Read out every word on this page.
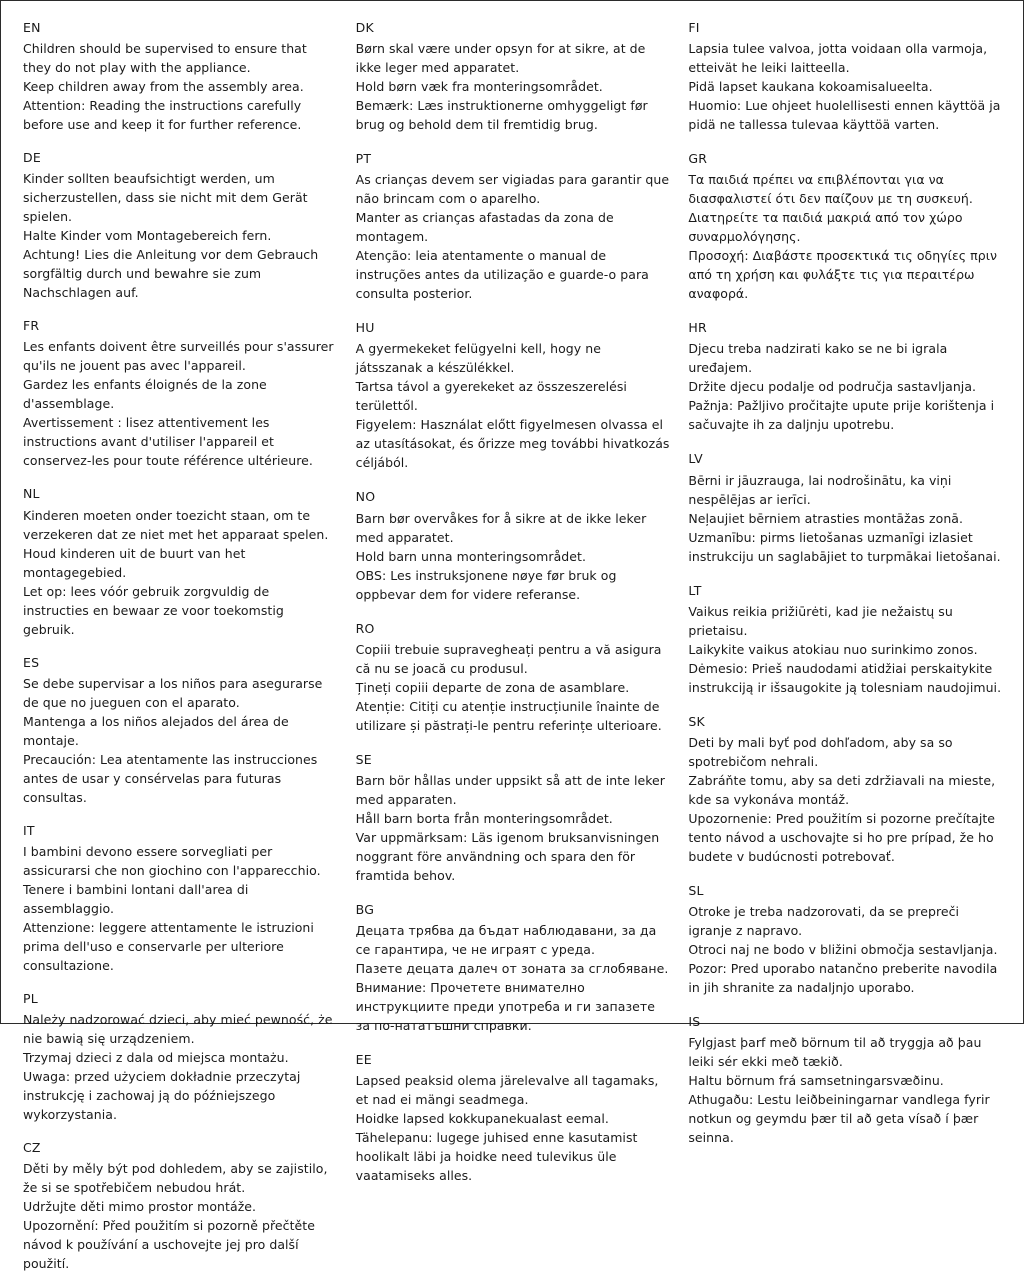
EN

Children should be supervised to ensure that they do not play with the appliance.

Keep children away from the assembly area.

Attention: Reading the instructions carefully before use and keep it for further reference.

DE

Kinder sollten beaufsichtigt werden, um sicherzustellen, dass sie nicht mit dem Gerät spielen.

Halte Kinder vom Montagebereich fern.

Achtung! Lies die Anleitung vor dem Gebrauch sorgfältig durch und bewahre sie zum Nachschlagen auf.

FR

Les enfants doivent être surveillés pour s'assurer qu'ils ne jouent pas avec l'appareil.

Gardez les enfants éloignés de la zone d'assemblage.

Avertissement : lisez attentivement les instructions avant d'utiliser l'appareil et conservez-les pour toute référence ultérieure.

NL

Kinderen moeten onder toezicht staan, om te verzekeren dat ze niet met het apparaat spelen.

Houd kinderen uit de buurt van het montagegebied.

Let op: lees vóór gebruik zorgvuldig de instructies en bewaar ze voor toekomstig gebruik.

ES

Se debe supervisar a los niños para asegurarse de que no jueguen con el aparato.

Mantenga a los niños alejados del área de montaje.

Precaución: Lea atentamente las instrucciones antes de usar y consérvelas para futuras consultas.

IT

I bambini devono essere sorvegliati per assicurarsi che non giochino con l'apparecchio.

Tenere i bambini lontani dall'area di assemblaggio.

Attenzione: leggere attentamente le istruzioni prima dell'uso e conservarle per ulteriore consultazione.

PL

Należy nadzorować dzieci, aby mieć pewność, że nie bawią się urządzeniem.

Trzymaj dzieci z dala od miejsca montażu.

Uwaga: przed użyciem dokładnie przeczytaj instrukcję i zachowaj ją do późniejszego wykorzystania.

CZ

Děti by měly být pod dohledem, aby se zajistilo, že si se spotřebičem nebudou hrát.

Udržujte děti mimo prostor montáže.

Upozornění: Před použitím si pozorně přečtěte návod k používání a uschovejte jej pro další použití.

DK

Børn skal være under opsyn for at sikre, at de ikke leger med apparatet.

Hold børn væk fra monteringsområdet.

Bemærk: Læs instruktionerne omhyggeligt før brug og behold dem til fremtidig brug.

PT

As crianças devem ser vigiadas para garantir que não brincam com o aparelho.

Manter as crianças afastadas da zona de montagem.

Atenção: leia atentamente o manual de instruções antes da utilização e guarde-o para consulta posterior.

HU

A gyermekeket felügyelni kell, hogy ne játsszanak a készülékkel.

Tartsa távol a gyerekeket az összeszerelési területtől.

Figyelem: Használat előtt figyelmesen olvassa el az utasításokat, és őrizze meg további hivatkozás céljából.

NO

Barn bør overvåkes for å sikre at de ikke leker med apparatet.

Hold barn unna monteringsområdet.

OBS: Les instruksjonene nøye før bruk og oppbevar dem for videre referanse.

RO

Copiii trebuie supravegheați pentru a vă asigura că nu se joacă cu produsul.

Țineți copiii departe de zona de asamblare.

Atenție: Citiți cu atenție instrucțiunile înainte de utilizare și păstrați-le pentru referințe ulterioare.

SE

Barn bör hållas under uppsikt så att de inte leker med apparaten.

Håll barn borta från monteringsområdet.

Var uppmärksam: Läs igenom bruksanvisningen noggrant före användning och spara den för framtida behov.

BG

Децата трябва да бъдат наблюдавани, за да се гарантира, че не играят с уреда.

Пазете децата далеч от зоната за сглобяване.

Внимание: Прочетете внимателно инструкциите преди употреба и ги запазете за по-нататъшни справки.

EE

Lapsed peaksid olema järelevalve all tagamaks, et nad ei mängi seadmega.

Hoidke lapsed kokkupanekualast eemal.

Tähelepanu: lugege juhised enne kasutamist hoolikalt läbi ja hoidke need tulevikus üle vaatamiseks alles.

FI

Lapsia tulee valvoa, jotta voidaan olla varmoja, etteivät he leiki laitteella.

Pidä lapset kaukana kokoamisalueelta.

Huomio: Lue ohjeet huolellisesti ennen käyttöä ja pidä ne tallessa tulevaa käyttöä varten.

GR

Τα παιδιά πρέπει να επιβλέπονται για να διασφαλιστεί ότι δεν παίζουν με τη συσκευή.

Διατηρείτε τα παιδιά μακριά από τον χώρο συναρμολόγησης.

Προσοχή: Διαβάστε προσεκτικά τις οδηγίες πριν από τη χρήση και φυλάξτε τις για περαιτέρω αναφορά.

HR

Djecu treba nadzirati kako se ne bi igrala uređajem.

Držite djecu podalje od područja sastavljanja.

Pažnja: Pažljivo pročitajte upute prije korištenja i sačuvajte ih za daljnju upotrebu.

LV

Bērni ir jāuzrauga, lai nodrošinātu, ka viņi nespēlējas ar ierīci.

Neļaujiet bērniem atrasties montāžas zonā.

Uzmanību: pirms lietošanas uzmanīgi izlasiet instrukciju un saglabājiet to turpmākai lietošanai.

LT

Vaikus reikia prižiūrėti, kad jie nežaistų su prietaisu.

Laikykite vaikus atokiau nuo surinkimo zonos.

Dėmesio: Prieš naudodami atidžiai perskaitykite instrukciją ir išsaugokite ją tolesniam naudojimui.

SK

Deti by mali byť pod dohľadom, aby sa so spotrebičom nehrali.

Zabráňte tomu, aby sa deti zdržiavali na mieste, kde sa vykonáva montáž.

Upozornenie: Pred použitím si pozorne prečítajte tento návod a uschovajte si ho pre prípad, že ho budete v budúcnosti potrebovať.

SL

Otroke je treba nadzorovati, da se prepreči igranje z napravo.

Otroci naj ne bodo v bližini območja sestavljanja.

Pozor: Pred uporabo natančno preberite navodila in jih shranite za nadaljnjo uporabo.

IS

Fylgjast þarf með börnum til að tryggja að þau leiki sér ekki með tækið.

Haltu börnum frá samsetningarsvæðinu.

Athugaðu: Lestu leiðbeiningarnar vandlega fyrir notkun og geymdu þær til að geta vísað í þær seinna.
